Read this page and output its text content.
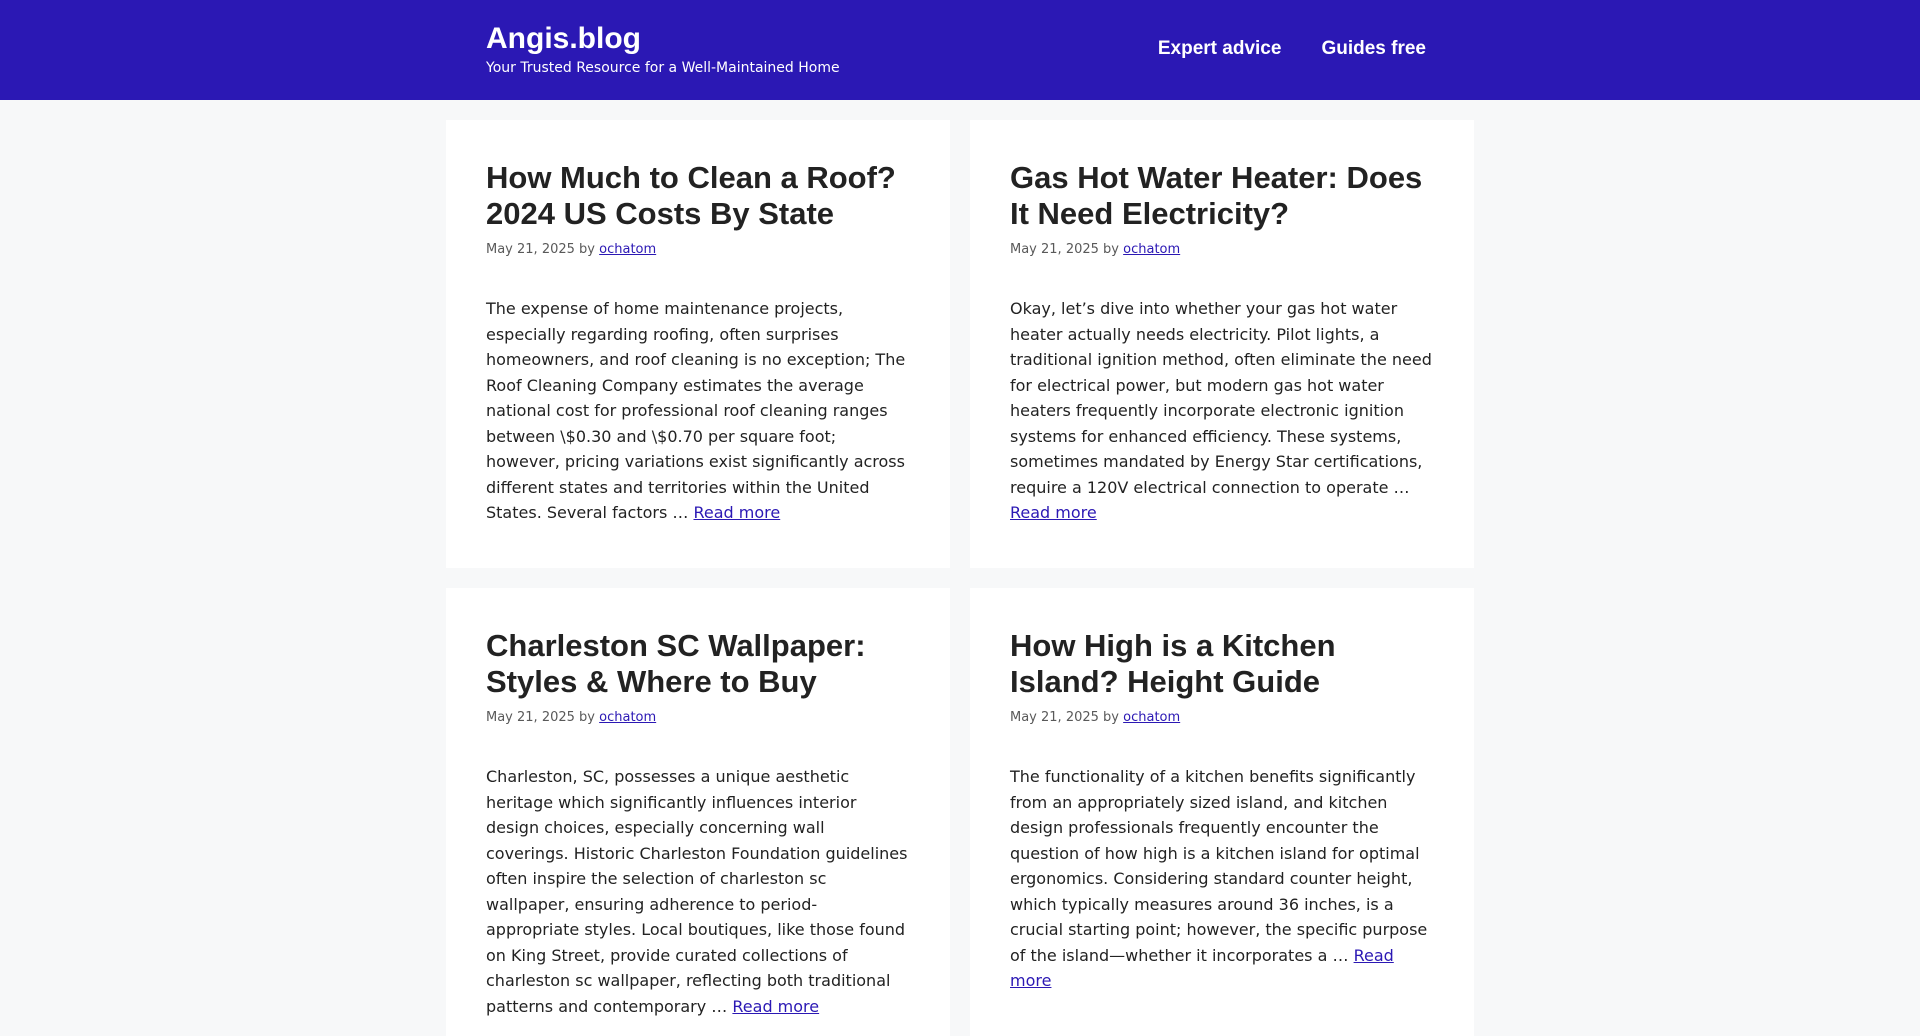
Angis.blog
Your Trusted Resource for a Well-Maintained Home
Expert advice Guides free
How Much to Clean a Roof? 2024 US Costs By State
May 21, 2025 by ochatom
The expense of home maintenance projects, especially regarding roofing, often surprises homeowners, and roof cleaning is no exception; The Roof Cleaning Company estimates the average national cost for professional roof cleaning ranges between \$0.30 and \$0.70 per square foot; however, pricing variations exist significantly across different states and territories within the United States. Several factors … Read more
Gas Hot Water Heater: Does It Need Electricity?
May 21, 2025 by ochatom
Okay, let’s dive into whether your gas hot water heater actually needs electricity. Pilot lights, a traditional ignition method, often eliminate the need for electrical power, but modern gas hot water heaters frequently incorporate electronic ignition systems for enhanced efficiency. These systems, sometimes mandated by Energy Star certifications, require a 120V electrical connection to operate … Read more
Charleston SC Wallpaper: Styles & Where to Buy
May 21, 2025 by ochatom
Charleston, SC, possesses a unique aesthetic heritage which significantly influences interior design choices, especially concerning wall coverings. Historic Charleston Foundation guidelines often inspire the selection of charleston sc wallpaper, ensuring adherence to period-appropriate styles. Local boutiques, like those found on King Street, provide curated collections of charleston sc wallpaper, reflecting both traditional patterns and contemporary … Read more
How High is a Kitchen Island? Height Guide
May 21, 2025 by ochatom
The functionality of a kitchen benefits significantly from an appropriately sized island, and kitchen design professionals frequently encounter the question of how high is a kitchen island for optimal ergonomics. Considering standard counter height, which typically measures around 36 inches, is a crucial starting point; however, the specific purpose of the island—whether it incorporates a … Read more
